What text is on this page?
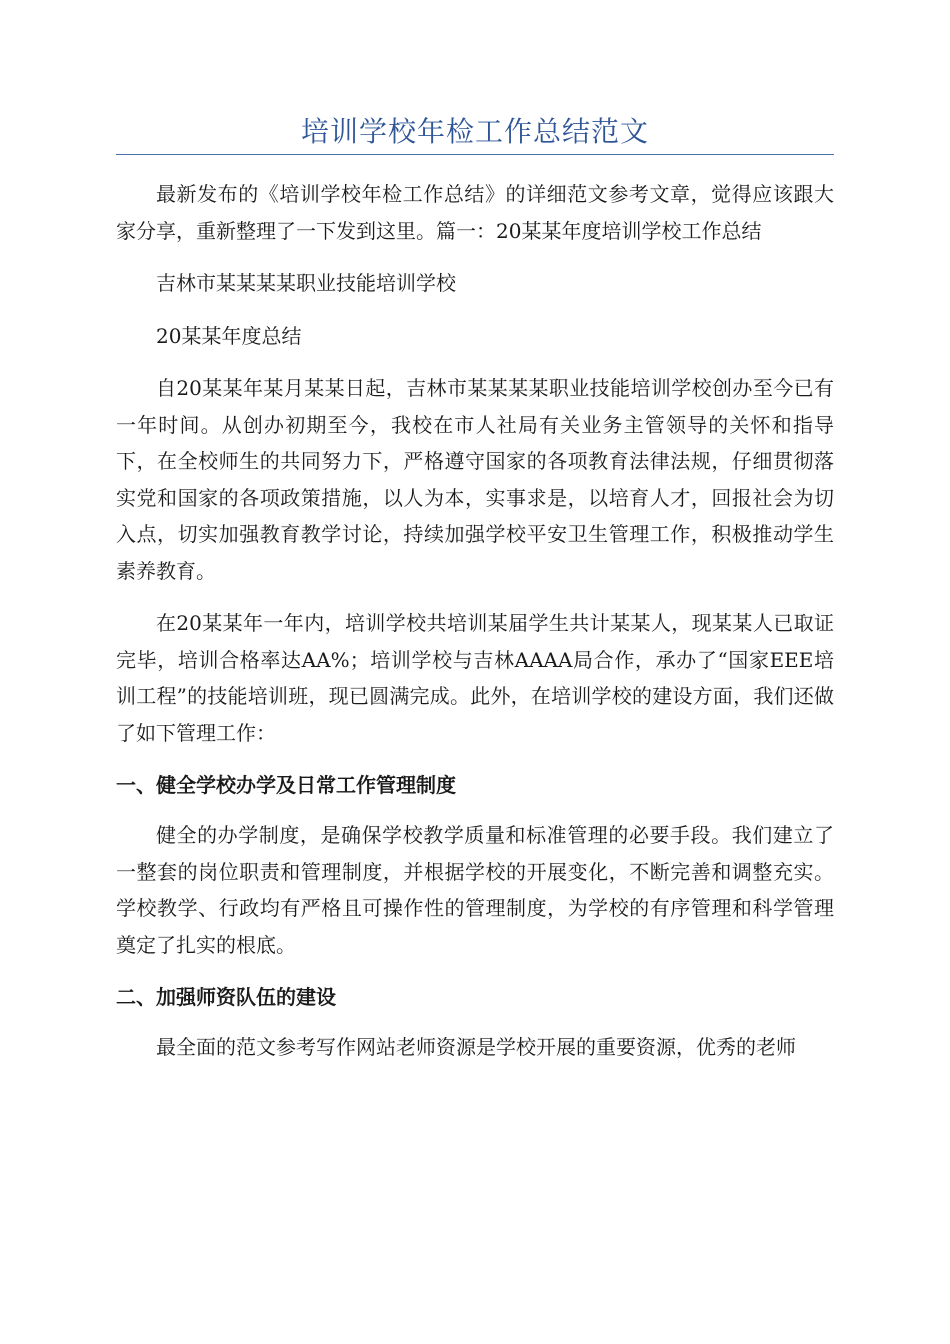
培训学校年检工作总结范文

最新发布的《培训学校年检工作总结》的详细范文参考文章，觉得应该跟大家分享，重新整理了一下发到这里。篇一：20某某年度培训学校工作总结

吉林市某某某某职业技能培训学校

20某某年度总结

自20某某年某月某某日起，吉林市某某某某职业技能培训学校创办至今已有一年时间。从创办初期至今，我校在市人社局有关业务主管领导的关怀和指导下，在全校师生的共同努力下，严格遵守国家的各项教育法律法规，仔细贯彻落实党和国家的各项政策措施，以人为本，实事求是，以培育人才，回报社会为切入点，切实加强教育教学讨论，持续加强学校平安卫生管理工作，积极推动学生素养教育。

在20某某年一年内，培训学校共培训某届学生共计某某人，现某某人已取证完毕，培训合格率达AA%；培训学校与吉林AAAA局合作，承办了“国家EEE培训工程”的技能培训班，现已圆满完成。此外，在培训学校的建设方面，我们还做了如下管理工作：

一、健全学校办学及日常工作管理制度

健全的办学制度，是确保学校教学质量和标准管理的必要手段。我们建立了一整套的岗位职责和管理制度，并根据学校的开展变化，不断完善和调整充实。学校教学、行政均有严格且可操作性的管理制度，为学校的有序管理和科学管理奠定了扎实的根底。

二、加强师资队伍的建设

最全面的范文参考写作网站老师资源是学校开展的重要资源，优秀的老师
